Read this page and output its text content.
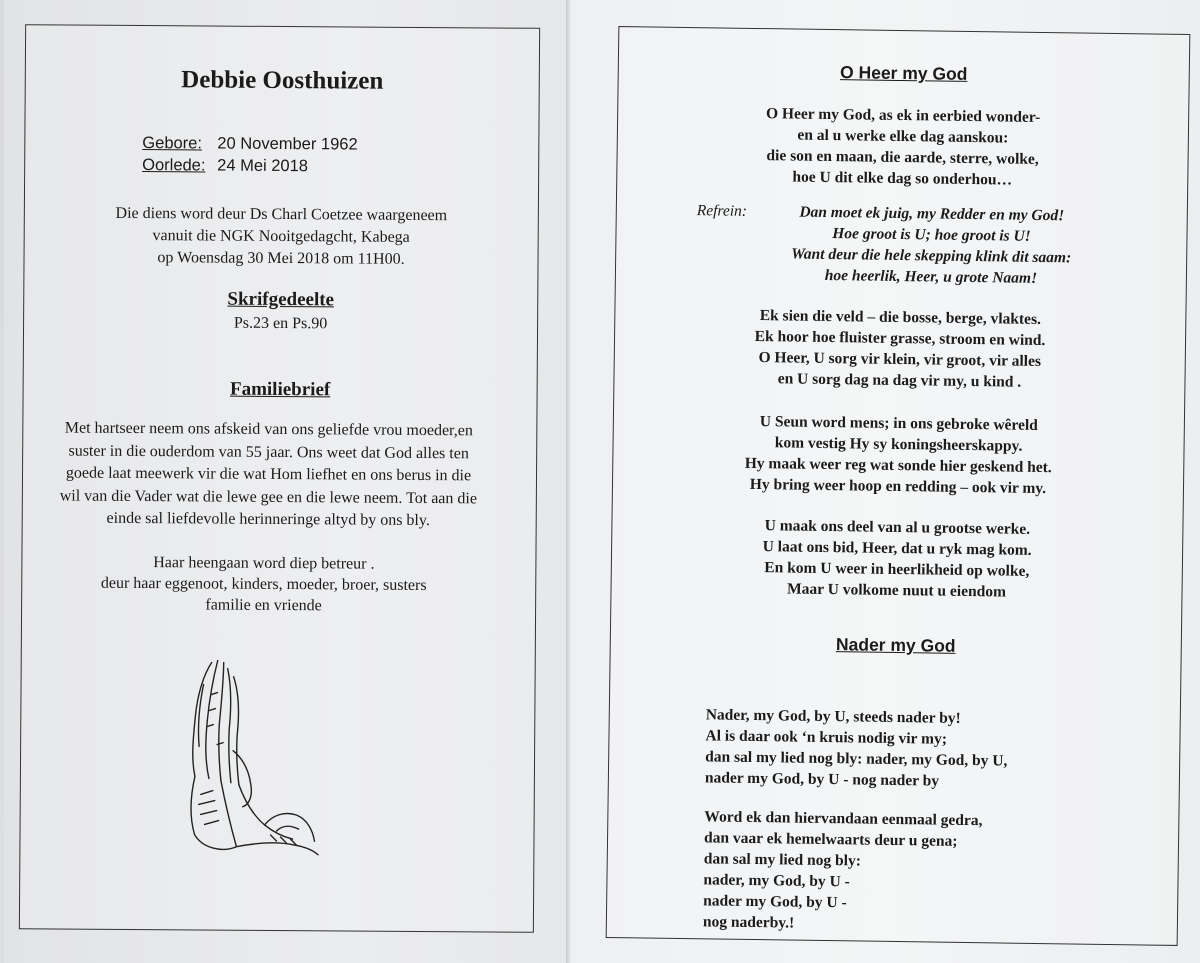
Debbie Oosthuizen
Gebore: 20 November 1962
Oorlede: 24 Mei 2018
Die diens word deur Ds Charl Coetzee waargeneem
vanuit die NGK Nooitgedagcht, Kabega
op Woensdag 30 Mei 2018 om 11H00.
Skrifgedeelte
Ps.23 en Ps.90
Familiebrief
Met hartseer neem ons afskeid van ons geliefde vrou moeder,en
suster in die ouderdom van 55 jaar. Ons weet dat God alles ten
goede laat meewerk vir die wat Hom liefhet en ons berus in die
wil van die Vader wat die lewe gee en die lewe neem. Tot aan die
einde sal liefdevolle herinneringe altyd by ons bly.
Haar heengaan word diep betreur .
deur haar eggenoot, kinders, moeder, broer, susters
familie en vriende
O Heer my God
O Heer my God, as ek in eerbied wonder-
en al u werke elke dag aanskou:
die son en maan, die aarde, sterre, wolke,
hoe U dit elke dag so onderhou…
Refrein:	Dan moet ek juig, my Redder en my God!
Hoe groot is U; hoe groot is U!
Want deur die hele skepping klink dit saam:
hoe heerlik, Heer, u grote Naam!
Ek sien die veld – die bosse, berge, vlaktes.
Ek hoor hoe fluister grasse, stroom en wind.
O Heer, U sorg vir klein, vir groot, vir alles
en U sorg dag na dag vir my, u kind .
U Seun word mens; in ons gebroke wêreld
kom vestig Hy sy koningsheerskappy.
Hy maak weer reg wat sonde hier geskend het.
Hy bring weer hoop en redding – ook vir my.
U maak ons deel van al u grootse werke.
U laat ons bid, Heer, dat u ryk mag kom.
En kom U weer in heerlikheid op wolke,
Maar U volkome nuut u eiendom
Nader my God
Nader, my God, by U, steeds nader by!
Al is daar ook ‘n kruis nodig vir my;
dan sal my lied nog bly: nader, my God, by U,
nader my God, by U - nog nader by
Word ek dan hiervandaan eenmaal gedra,
dan vaar ek hemelwaarts deur u gena;
dan sal my lied nog bly:
nader, my God, by U -
nader my God, by U -
nog naderby.!
